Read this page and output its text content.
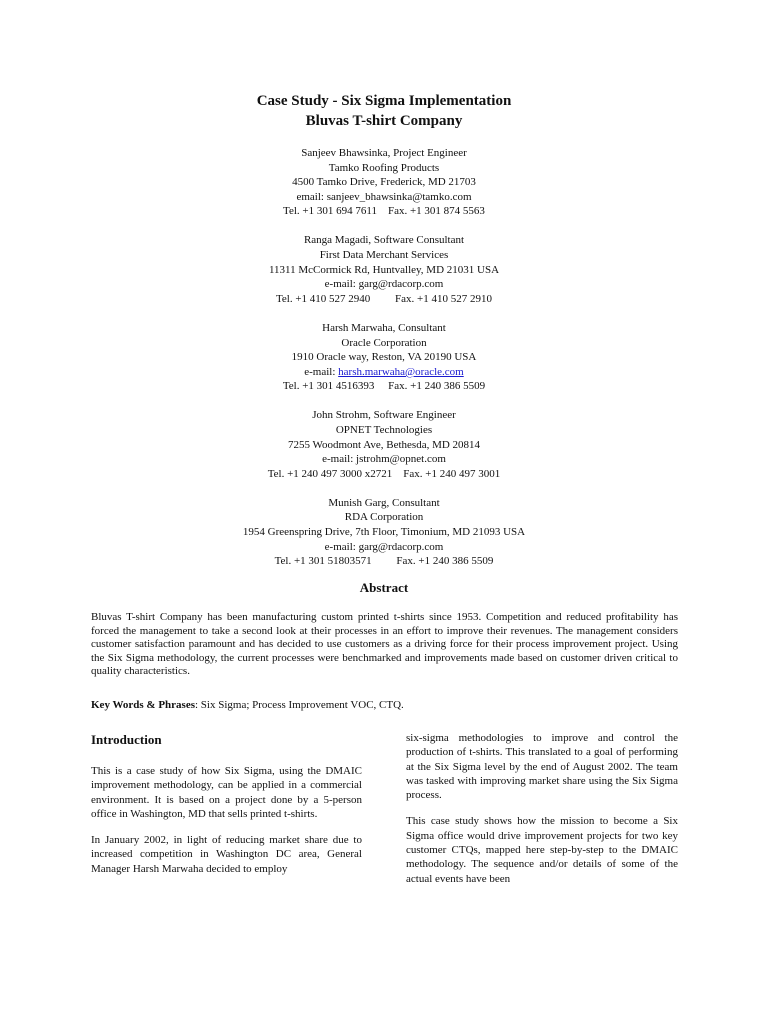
Case Study - Six Sigma Implementation
Bluvas T-shirt Company
Sanjeev Bhawsinka, Project Engineer
Tamko Roofing Products
4500 Tamko Drive, Frederick, MD 21703
email: sanjeev_bhawsinka@tamko.com
Tel. +1 301 694 7611    Fax. +1 301 874 5563
Ranga Magadi, Software Consultant
First Data Merchant Services
11311 McCormick Rd, Huntvalley, MD 21031 USA
e-mail: garg@rdacorp.com
Tel. +1 410 527 2940         Fax. +1 410 527 2910
Harsh Marwaha, Consultant
Oracle Corporation
1910 Oracle way, Reston, VA 20190 USA
e-mail: harsh.marwaha@oracle.com
Tel. +1 301 4516393     Fax. +1 240 386 5509
John Strohm, Software Engineer
OPNET Technologies
7255 Woodmont Ave, Bethesda, MD 20814
e-mail: jstrohm@opnet.com
Tel. +1 240 497 3000 x2721    Fax. +1 240 497 3001
Munish Garg, Consultant
RDA Corporation
1954 Greenspring Drive, 7th Floor, Timonium, MD 21093 USA
e-mail: garg@rdacorp.com
Tel. +1 301 51803571         Fax. +1 240 386 5509
Abstract
Bluvas T-shirt Company has been manufacturing custom printed t-shirts since 1953. Competition and reduced profitability has forced the management to take a second look at their processes in an effort to improve their revenues. The management considers customer satisfaction paramount and has decided to use customers as a driving force for their process improvement project. Using the Six Sigma methodology, the current processes were benchmarked and improvements made based on customer driven critical to quality characteristics.
Key Words & Phrases: Six Sigma; Process Improvement VOC, CTQ.
Introduction

This is a case study of how Six Sigma, using the DMAIC improvement methodology, can be applied in a commercial environment. It is based on a project done by a 5-person office in Washington, MD that sells printed t-shirts.

In January 2002, in light of reducing market share due to increased competition in Washington DC area, General Manager Harsh Marwaha decided to employ

six-sigma methodologies to improve and control the production of t-shirts. This translated to a goal of performing at the Six Sigma level by the end of August 2002. The team was tasked with improving market share using the Six Sigma process.

This case study shows how the mission to become a Six Sigma office would drive improvement projects for two key customer CTQs, mapped here step-by-step to the DMAIC methodology. The sequence and/or details of some of the actual events have been
